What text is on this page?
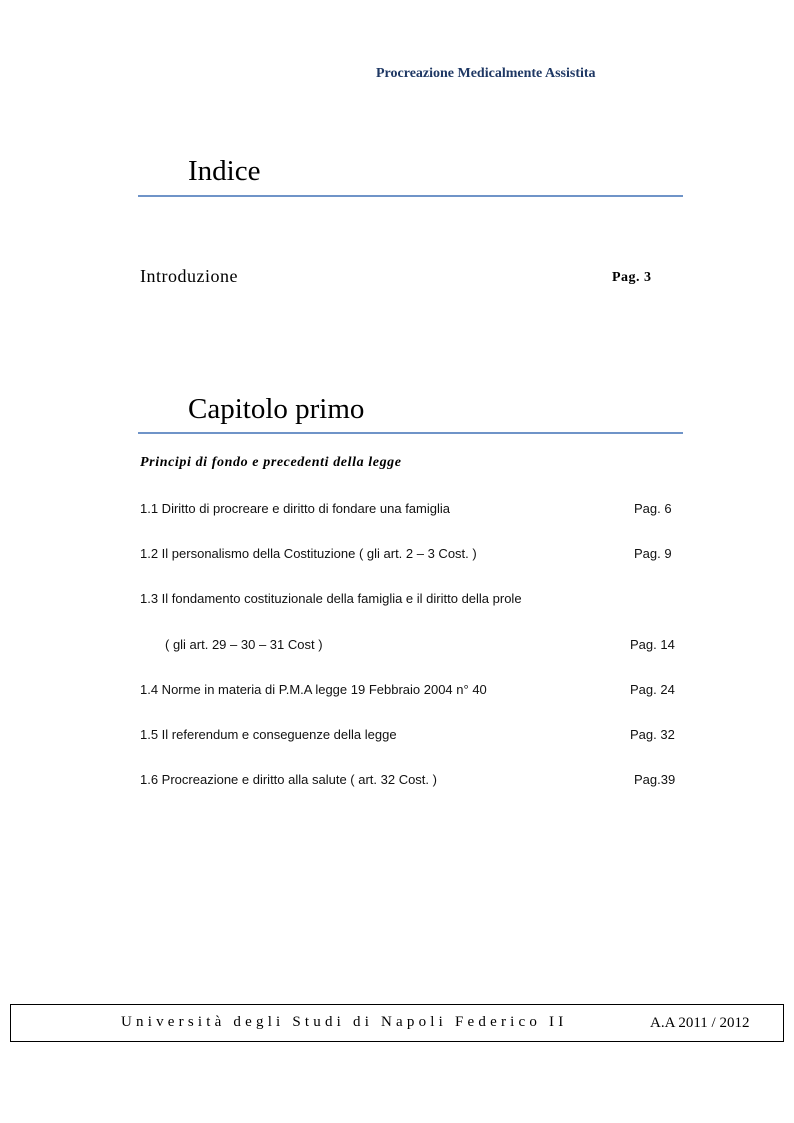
Procreazione Medicalmente Assistita
Indice
Introduzione	Pag. 3
Capitolo primo
Principi di fondo e precedenti della legge
1.1 Diritto di procreare e diritto di fondare una famiglia	Pag. 6
1.2 Il personalismo della Costituzione ( gli art. 2 – 3 Cost. )	Pag. 9
1.3 Il fondamento costituzionale della famiglia e il diritto della prole
( gli art. 29 – 30 – 31 Cost )	Pag. 14
1.4 Norme in materia di P.M.A legge 19 Febbraio 2004 n° 40	Pag. 24
1.5 Il referendum e conseguenze della legge	Pag. 32
1.6 Procreazione e diritto alla salute ( art. 32 Cost. )	Pag.39
Università degli Studi di Napoli Federico II	A.A 2011 / 2012
